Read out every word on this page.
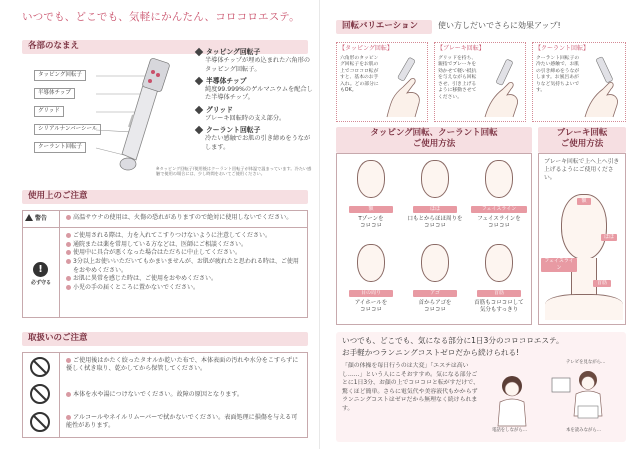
いつでも、どこでも、気軽にかんたん、コロコロエステ。
各部のなまえ
タッピング回転子
半導体チップ
グリッド
シリアルナンバーシール
クーラント回転子
タッピング回転子
半導体チップが埋め込まれた六角形のタッピング回転子。
半導体チップ
純度99.999%のゲルマニウムを配合した半導体チップ。
グリッド
ブレーキ回転時の支え部分。
クーラント回転子
冷たい感触でお肌の引き締めをうながします。
※タッピング回転子/使用後はクーラント回転子が体温で温まっています。冷たい感触で使用の場合には、少し時間をおいてご使用ください。
使用上のご注意
警告	高温サウナの使用は、火傷の恐れがありますので絶対に使用しないでください。
!
必ず守る
ご使用される際は、力を入れてこすりつけないように注意してください。
通院または薬を常用している方などは、医師にご相談ください。
使用中に具合が悪くなった場合はただちに中止してください。
3分以上お使いいただいてもかまいませんが、お肌が疲れたと思われる時は、ご使用をおやめください。
お肌に異常を感じた時は、ご使用をおやめください。
小児の手の届くところに置かないでください。
取扱いのご注意
ご使用後はかたく絞ったタオルか乾いた布で、本体表面の汚れや水分をこすらずに優しく拭き取り、乾かしてから保管してください。
本体を水や湯につけないでください。故障の原因となります。
アルコールやネイルリムーバーで拭かないでください。表面処理に損傷を与える可能性があります。
回転バリエーション	使い方しだいでさらに効果アップ!
【タッピング回転】
六角形のタッピング回転子をお肌の上でコロコロ転がすと、基本のお手入れ。どの部分にもOK。
【ブレーキ回転】
グリッドを持ち、親指でブレーキを効かせて軽い抵抗を与えながら回転させ、引き上げるように移動させてください。
【クーラント回転】
クーラント回転子の冷たい感触で、お肌の引き締めをうながします。お風呂あがりなど気持ちよいです。
タッピング回転、クーラント回転
ご使用方法
額
Tゾーンを
コロコロ
ほほ
口もとからほほ周りを
コロコロ
フェイスライン
フェイスラインを
コロコロ
目の周り
アイホールを
コロコロ
アゴ
首からアゴを
コロコロ
首筋
首筋もコロコロして
気分もすっきり
ブレーキ回転
ご使用方法
ブレーキ回転で上へ上へ引き上げるようにご使用ください。
額
ほほ
フェイスライン
首筋
いつでも、どこでも、気になる部分に1日3分のコロコロエステ。
お手軽かつランニングコストゼロだから続けられる!
「顔の体操を毎日行うのは大変」「エステは高いし……」という人にこそおすすめ。気になる部分ごとに1日3分、お顔の上でコロコロと転がすだけで、驚くほど簡単。さらに電気代や美容液代もかからずランニングコストはゼロだから無理なく続けられます。
テレビを見ながら…
電話をしながら…	本を読みながら…
